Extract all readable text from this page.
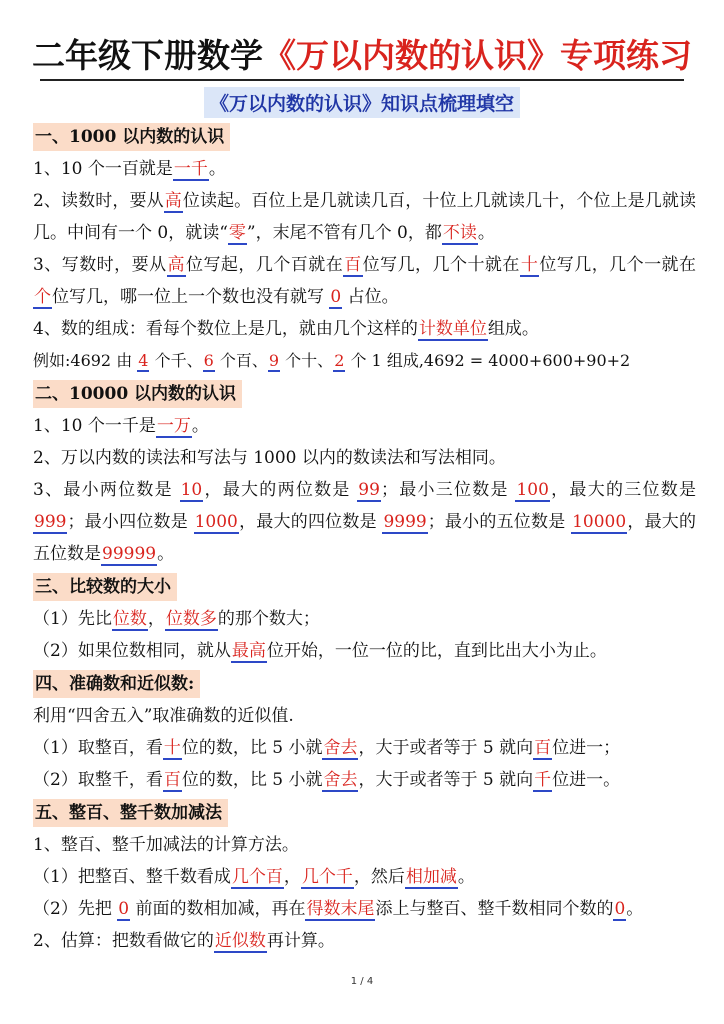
二年级下册数学《万以内数的认识》专项练习
《万以内数的认识》知识点梳理填空
一、1000 以内数的认识
1、10 个一百就是一千。
2、读数时，要从高位读起。百位上是几就读几百，十位上几就读几十，个位上是几就读几。中间有一个 0，就读“零”，末尾不管有几个 0，都不读。
3、写数时，要从高位写起，几个百就在百位写几，几个十就在十位写几，几个一就在个位写几，哪一位上一个数也没有就写 0 占位。
4、数的组成：看每个数位上是几，就由几个这样的计数单位组成。
例如:4692 由 4 个千、6 个百、9 个十、2 个 1 组成,4692 = 4000+600+90+2
二、10000 以内数的认识
1、10 个一千是一万。
2、万以内数的读法和写法与 1000 以内的数读法和写法相同。
3、最小两位数是 10，最大的两位数是 99；最小三位数是 100，最大的三位数是 999；最小四位数是 1000，最大的四位数是 9999；最小的五位数是 10000，最大的五位数是99999。
三、比较数的大小
（1）先比位数，位数多的那个数大；
（2）如果位数相同，就从最高位开始，一位一位的比，直到比出大小为止。
四、准确数和近似数:
利用“四舍五入”取准确数的近似值.
（1）取整百，看十位的数，比 5 小就舍去，大于或者等于 5 就向百位进一；
（2）取整千，看百位的数，比 5 小就舍去，大于或者等于 5 就向千位进一。
五、整百、整千数加减法
1、整百、整千加减法的计算方法。
（1）把整百、整千数看成几个百，几个千，然后相加减。
（2）先把 0 前面的数相加减，再在得数末尾添上与整百、整千数相同个数的0。
2、估算：把数看做它的近似数再计算。
1 / 4
